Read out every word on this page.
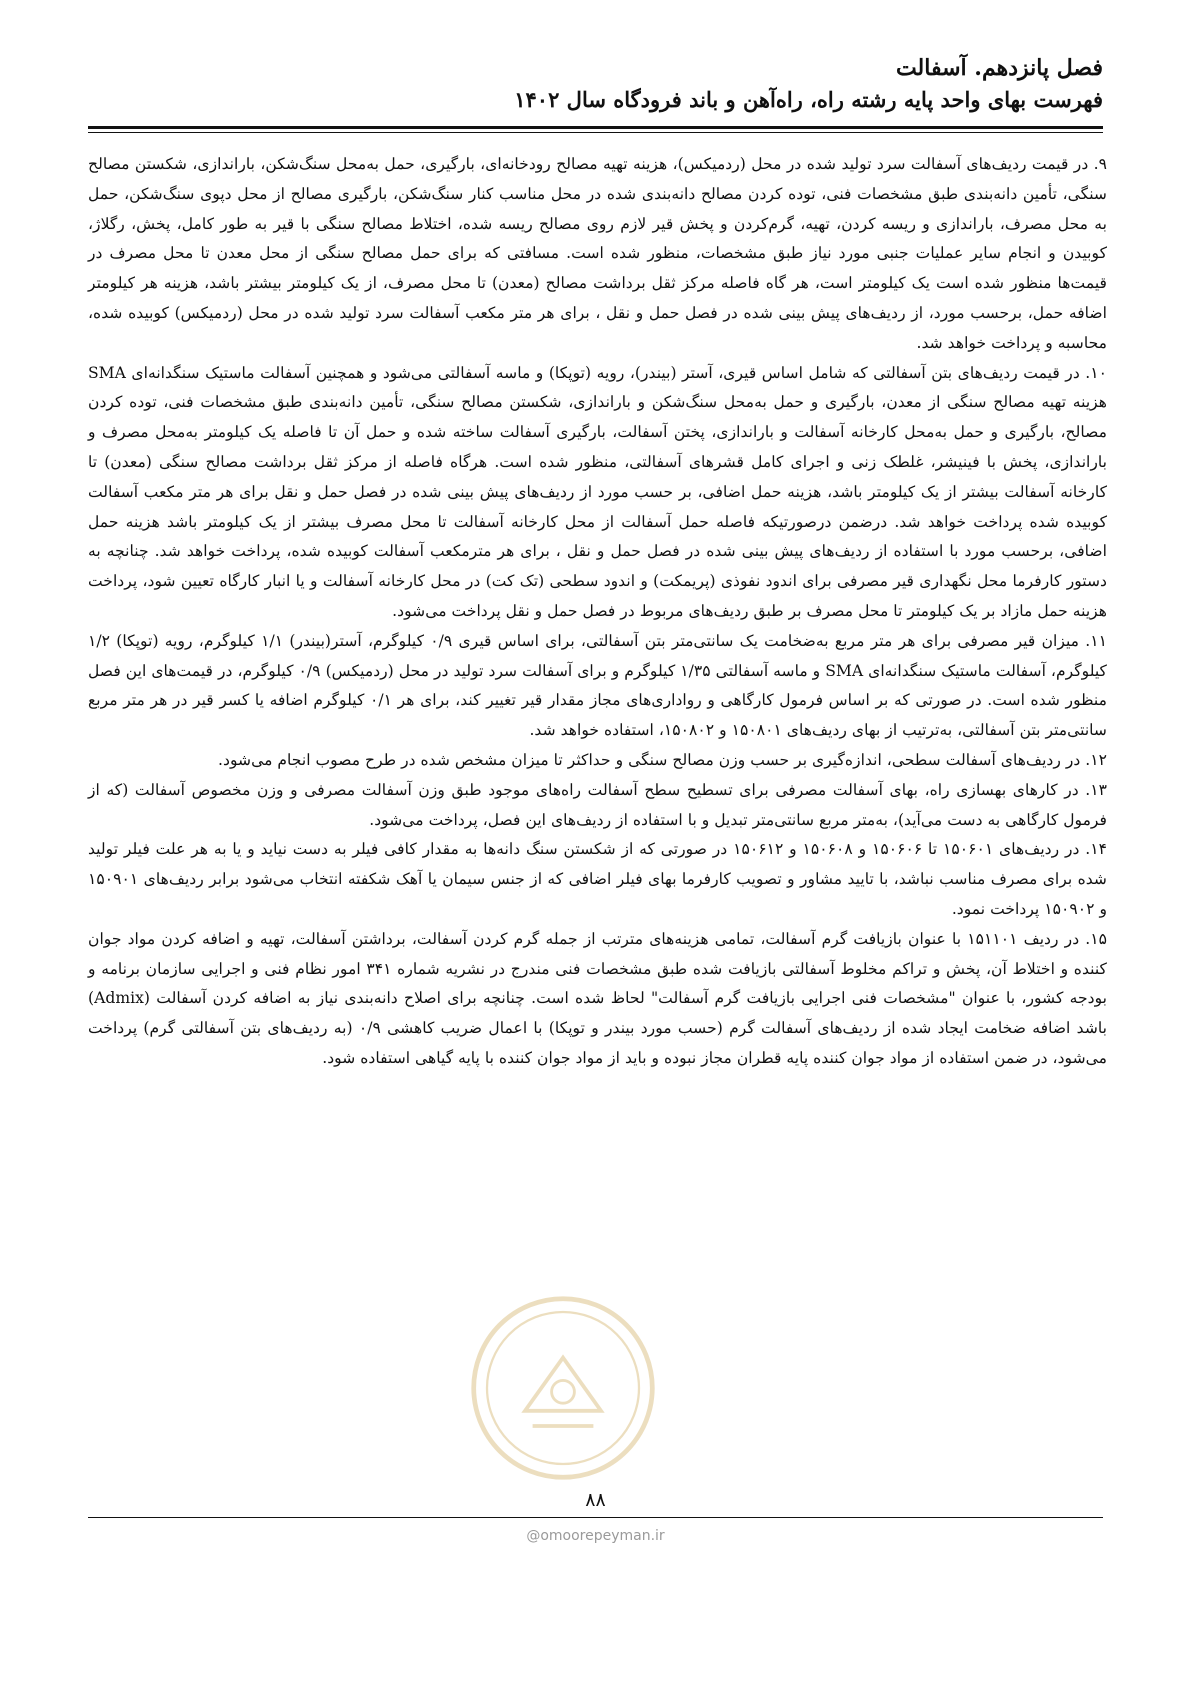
فصل پانزدهم. آسفالت
فهرست بهای واحد پایه رشته راه، راه‌آهن و باند فرودگاه سال ۱۴۰۲

۹. در قیمت ردیف‌های آسفالت سرد تولید شده در محل (ردمیکس)، هزینه تهیه مصالح رودخانه‌ای، بارگیری، حمل به‌محل سنگ‌شکن، باراندازی، شکستن مصالح سنگی، تأمین دانه‌بندی طبق مشخصات فنی، توده کردن مصالح دانه‌بندی شده در محل مناسب کنار سنگ‌شکن، بارگیری مصالح از محل دپوی سنگ‌شکن، حمل به محل مصرف، باراندازی و ریسه کردن، تهیه، گرم‌کردن و پخش قیر لازم روی مصالح ریسه شده، اختلاط مصالح سنگی با قیر به طور کامل، پخش، رگلاژ، کوبیدن و انجام سایر عملیات جنبی مورد نیاز طبق مشخصات، منظور شده است. مسافتی که برای حمل مصالح سنگی از محل معدن تا محل مصرف در قیمت‌ها منظور شده است یک کیلومتر است، هر گاه فاصله مرکز ثقل برداشت مصالح (معدن) تا محل مصرف، از یک کیلومتر بیشتر باشد، هزینه هر کیلومتر اضافه حمل، برحسب مورد، از ردیف‌های پیش بینی شده در فصل حمل و نقل ، برای هر متر مکعب آسفالت سرد تولید شده در محل (ردمیکس) کوبیده شده، محاسبه و پرداخت خواهد شد.

۱۰. در قیمت ردیف‌های بتن آسفالتی که شامل اساس قیری، آستر (بیندر)، رویه (توپکا) و ماسه آسفالتی می‌شود و همچنین آسفالت ماستیک سنگدانه‌ای SMA هزینه تهیه مصالح سنگی از معدن، بارگیری و حمل به‌محل سنگ‌شکن و باراندازی، شکستن مصالح سنگی، تأمین دانه‌بندی طبق مشخصات فنی، توده کردن مصالح، بارگیری و حمل به‌محل کارخانه آسفالت و باراندازی، پختن آسفالت، بارگیری آسفالت ساخته شده و حمل آن تا فاصله یک کیلومتر به‌محل مصرف و باراندازی، پخش با فینیشر، غلطک زنی و اجرای کامل قشرهای آسفالتی، منظور شده است. هرگاه فاصله از مرکز ثقل برداشت مصالح سنگی (معدن) تا کارخانه آسفالت بیشتر از یک کیلومتر باشد، هزینه حمل اضافی، بر حسب مورد از ردیف‌های پیش بینی شده در فصل حمل و نقل برای هر متر مکعب آسفالت کوبیده شده پرداخت خواهد شد. درضمن درصورتیکه فاصله حمل آسفالت از محل کارخانه آسفالت تا محل مصرف بیشتر از یک کیلومتر باشد هزینه حمل اضافی، برحسب مورد با استفاده از ردیف‌های پیش بینی شده در فصل حمل و نقل ، برای هر مترمکعب آسفالت کوبیده شده، پرداخت خواهد شد. چنانچه به دستور کارفرما محل نگهداری قیر مصرفی برای اندود نفوذی (پریمکت) و اندود سطحی (تک کت) در محل کارخانه آسفالت و یا انبار کارگاه تعیین شود، پرداخت هزینه حمل مازاد بر یک کیلومتر تا محل مصرف بر طبق ردیف‌های مربوط در فصل حمل و نقل پرداخت می‌شود.

۱۱. میزان قیر مصرفی برای هر متر مربع به‌ضخامت یک سانتی‌متر بتن آسفالتی، برای اساس قیری ۰/۹ کیلوگرم، آستر(بیندر) ۱/۱ کیلوگرم، رویه (توپکا) ۱/۲ کیلوگرم، آسفالت ماستیک سنگدانه‌ای SMA و ماسه آسفالتی ۱/۳۵ کیلوگرم و برای آسفالت سرد تولید در محل (ردمیکس) ۰/۹ کیلوگرم، در قیمت‌های این فصل منظور شده است. در صورتی که بر اساس فرمول کارگاهی و رواداری‌های مجاز مقدار قیر تغییر کند، برای هر ۰/۱ کیلوگرم اضافه یا کسر قیر در هر متر مربع سانتی‌متر بتن آسفالتی، به‌ترتیب از بهای ردیف‌های ۱۵۰۸۰۱ و ۱۵۰۸۰۲، استفاده خواهد شد.

۱۲. در ردیف‌های آسفالت سطحی، اندازه‌گیری بر حسب وزن مصالح سنگی و حداکثر تا میزان مشخص شده در طرح مصوب انجام می‌شود.

۱۳. در کارهای بهسازی راه، بهای آسفالت مصرفی برای تسطیح سطح آسفالت راه‌های موجود طبق وزن آسفالت مصرفی و وزن مخصوص آسفالت (که از فرمول کارگاهی به دست می‌آید)، به‌متر مربع سانتی‌متر تبدیل و با استفاده از ردیف‌های این فصل، پرداخت می‌شود.

۱۴. در ردیف‌های ۱۵۰۶۰۱ تا ۱۵۰۶۰۶ و ۱۵۰۶۰۸ و ۱۵۰۶۱۲ در صورتی که از شکستن سنگ دانه‌ها به مقدار کافی فیلر به دست نیاید و یا به هر علت فیلر تولید شده برای مصرف مناسب نباشد، با تایید مشاور و تصویب کارفرما بهای فیلر اضافی که از جنس سیمان یا آهک شکفته انتخاب می‌شود برابر ردیف‌های ۱۵۰۹۰۱ و ۱۵۰۹۰۲ پرداخت نمود.

۱۵. در ردیف ۱۵۱۱۰۱ با عنوان بازیافت گرم آسفالت، تمامی هزینه‌های مترتب از جمله گرم کردن آسفالت، برداشتن آسفالت، تهیه و اضافه کردن مواد جوان کننده و اختلاط آن، پخش و تراکم مخلوط آسفالتی بازیافت شده طبق مشخصات فنی مندرج در نشریه شماره ۳۴۱ امور نظام فنی و اجرایی سازمان برنامه و بودجه کشور، با عنوان "مشخصات فنی اجرایی بازیافت گرم آسفالت" لحاظ شده است. چنانچه برای اصلاح دانه‌بندی نیاز به اضافه کردن آسفالت (Admix) باشد اضافه ضخامت ایجاد شده از ردیف‌های آسفالت گرم (حسب مورد بیندر و توپکا) با اعمال ضریب کاهشی ۰/۹ (به ردیف‌های بتن آسفالتی گرم) پرداخت می‌شود، در ضمن استفاده از مواد جوان کننده پایه قطران مجاز نبوده و باید از مواد جوان کننده با پایه گیاهی استفاده شود.

۸۸
@omoorepeyman.ir
